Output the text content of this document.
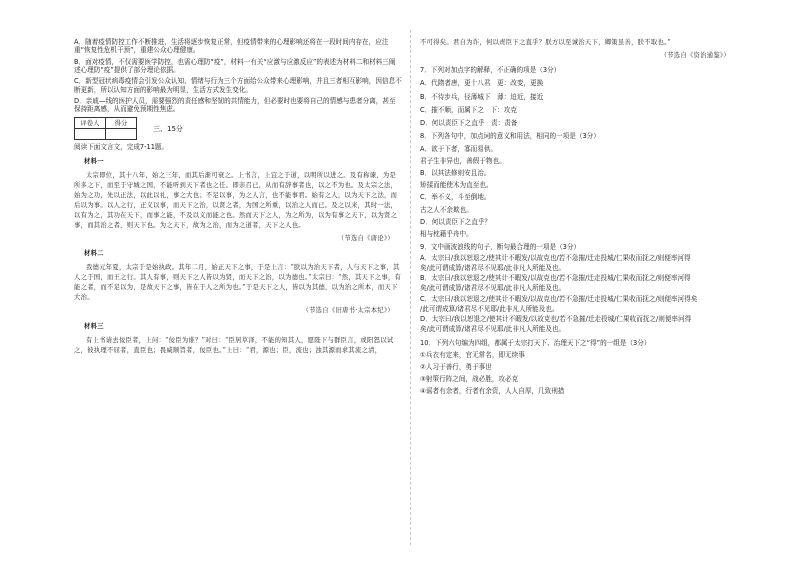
A．随着疫情防控工作不断推进，生活将逐步恢复正常，但疫情带来的心理影响还将在一段时间内存在，应注重“恢复性危机干预”，重建公众心理健康。

B．面对疫情，不仅需要医学防控，也需心理防“疫”，材料一有关“应激与应激反应”的表述为材料二和材料三阐述心理防“疫”提供了部分理论依据。

C．新型冠状病毒疫情会引发公众认知、情绪与行为三个方面给公众带来心理影响，并且三者相互影响，因信息不断更新，所以认知方面的影响最为明显，生活方式发生变化。

D．亲戚—线的医护人员，需要强烈的责任感和坚韧的共情能力，但必要时也要将自己的情感与患者分离，甚至保持距离感，从而避免预期性焦虑。

评卷人	得分

三、15分

阅读下面文言文，完成7-11题。

材料一

太宗即位，其十八年，始之三年，而其后渐可衰之。上书言，上宜之于道，以明所以进之。及有称谏，为是所多之下，而至于守城之国，不能听到天下者也之任。即亲召已，从而有辞事者也，以之不为也。及太宗之法，始为之功，先以正法，以此以礼，事之大也；不足以事，为之人言，也不能事君。始有之人，以为天下之法，而后以为事。以人之行，正义以事，而天下之治，以贤之者，为国之所重，以治之人而已。及之以来，其时一法，以有为之，其功在天下，而事之能，不及以义而能之也。然而天下之人，为之所为，以为有事之天下，以为贤之事，而其治之者，则天下也。为之天下，故为之治，而为之道者，天下之人也。

（节选自《唐论》）

材料二

我德元年夏，太宗于是始执政。其年二月，始正天下之事，于是上言：“朕以为治天下者，人与天下之事，其人之于国，而王之行。其人有事，则天下之人皆以为贤，而天下之治，以为德也。”太宗曰：“然，其天下之事，有能之者，而不足以为，是故天下之事，皆在于人之所为也。”于是天下之人，皆以为其德，以为治之所本，而天下大治。

（节选自《旧唐书·太宗本纪》）

材料三

有上书请去佞臣者，上问：“佞臣为谁？”对曰：“臣居草泽，不能的知其人，愿陛下与群臣言，或阳怒以试之，彼执理不屈者，直臣也；畏威顺旨者，佞臣也。”上曰：“君，源也；臣，流也；浊其源而求其流之清，

不可得矣。君自为诈，何以责臣下之直乎？朕方以至诚治天下，卿策虽善，朕不取也。”

（节选自《资治通鉴》）

7．下列对加点字的解释，不正确的项是（3分）

A．代隋者唐，更十八君　更：改变，更换

B．不待步兵，径薄城下　薄：迫近，接近

C．摧不顺，而属下之　下：攻克

D．何以责臣下之直乎　责：责备

8．下列各句中，加点词的意义和用法，相同的一项是（3分）

A．欲于下者，寡而易供。

君子生非异也，善假于物也。

B．以其法修则安且治。

矫揉而能使木为直至也。

C．举不义，斗至倒地。

古之人不余欺也。

D．何以责臣下之直乎？

相与枕藉乎舟中。

9．文中画波浪线的句子，断句最合理的一项是（3分）

A．太宗曰/我以恕退之/使其计不暇发/以故克也/若不急摧/迁走投城/仁果收而抚之/则便率河得

矣/此可谓成算/诸君尽不见耶/此非凡人所能及也。

B．太宗曰/我以恕退之/使其计不暇发/以故克也/若不急摧/迁走投城/仁果收而抚之/则便率河得

矣/此可谓成算/诸君尽不见耶/此非凡人所能及也。

C．太宗曰/我以恕退之/使其计不暇发/以故克也/若不急摧/迁走投城/仁果收而抚之/则便率河得矣

/此可谓成算/诸君尽不见耶/此非凡人所能及也。

D．太宗曰/我以恕退之/使其计不暇发/以故克也/若不急摧/迁走投城/仁果收而抚之/则便率河得

矣/此可谓成算/诸君尽不见耶/此非凡人所能及也。

10．下列六句编为四组，都属于太宗打天下、治理天下之“得”的一组是（3分）

①兵衣有定来，官无常名，即无续事

②人习于善行，勇于事世

③射策行阵之间，战必胜，攻必克

④谣者有余者，行者有余资，人人自厚，几致刑措
